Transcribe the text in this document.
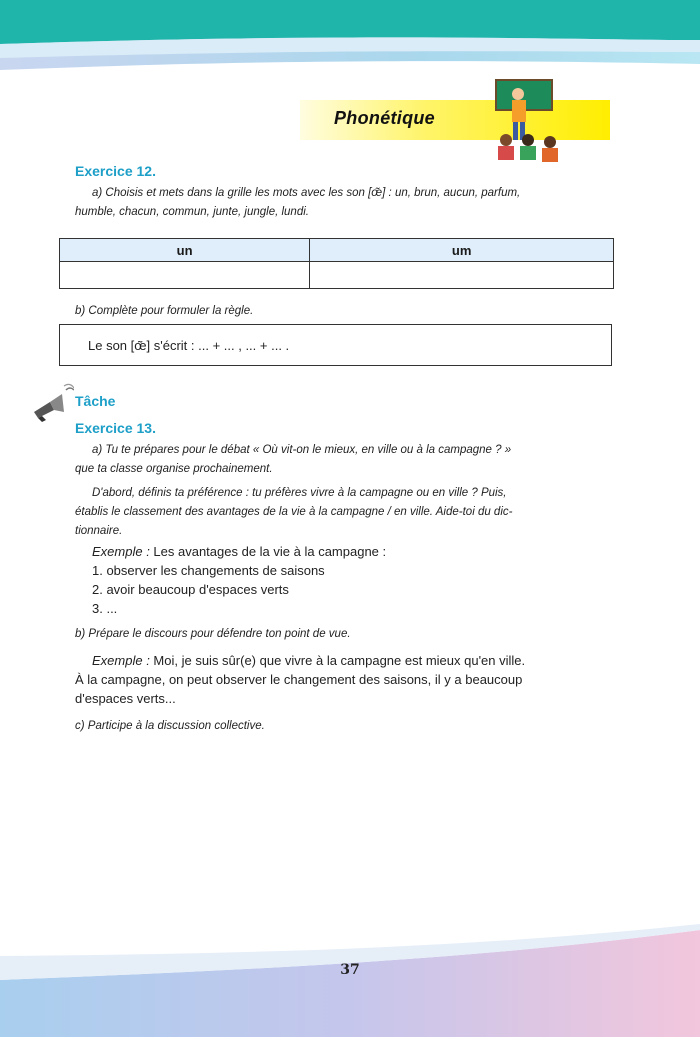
Phonétique
Exercice 12.
a) Choisis et mets dans la grille les mots avec les son [œ̃] : un, brun, aucun, parfum,
humble, chacun, commun, junte, jungle, lundi.
un	um

b) Complète pour formuler la règle.
Le son [œ̃] s'écrit : ... + ... , ... + ... .
Tâche
Exercice 13.
a) Tu te prépares pour le débat « Où vit-on le mieux, en ville ou à la campagne ? »
que ta classe organise prochainement.
D'abord, définis ta préférence : tu préfères vivre à la campagne ou en ville ? Puis,
établis le classement des avantages de la vie à la campagne / en ville. Aide-toi du dic-
tionnaire.
Exemple : Les avantages de la vie à la campagne :
1. observer les changements de saisons
2. avoir beaucoup d'espaces verts
3. ...
b) Prépare le discours pour défendre ton point de vue.
Exemple : Moi, je suis sûr(e) que vivre à la campagne est mieux qu'en ville.
À la campagne, on peut observer le changement des saisons, il y a beaucoup
d'espaces verts...
c) Participe à la discussion collective.
37
